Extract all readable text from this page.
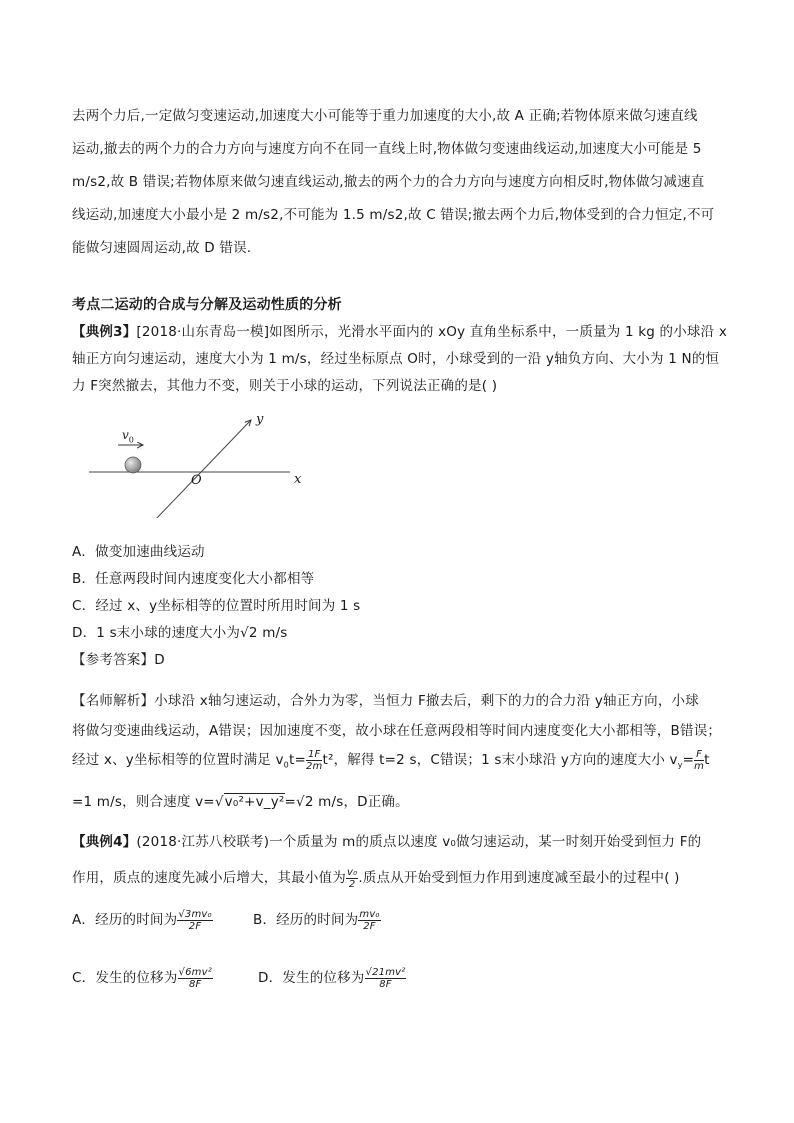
去两个力后,一定做匀变速运动,加速度大小可能等于重力加速度的大小,故 A 正确;若物体原来做匀速直线
运动,撤去的两个力的合力方向与速度方向不在同一直线上时,物体做匀变速曲线运动,加速度大小可能是 5
m/s2,故 B 错误;若物体原来做匀速直线运动,撤去的两个力的合力方向与速度方向相反时,物体做匀减速直
线运动,加速度大小最小是 2 m/s2,不可能为 1.5 m/s2,故 C 错误;撤去两个力后,物体受到的合力恒定,不可
能做匀速圆周运动,故 D 错误.
考点二运动的合成与分解及运动性质的分析
【典例3】[2018·山东青岛一模]如图所示，光滑水平面内的 xOy 直角坐标系中，一质量为 1 kg 的小球沿 x
轴正方向匀速运动，速度大小为 1 m/s，经过坐标原点 O时，小球受到的一沿 y轴负方向、大小为 1 N的恒
力 F突然撤去，其他力不变，则关于小球的运动，下列说法正确的是( )
$v_0$
y
x
O
A．做变加速曲线运动
B．任意两段时间内速度变化大小都相等
C．经过 x、y坐标相等的位置时所用时间为 1 s
D．1 s末小球的速度大小为√2 m/s
【参考答案】D
【名师解析】小球沿 x轴匀速运动，合外力为零，当恒力 F撤去后，剩下的力的合力沿 y轴正方向，小球
将做匀变速曲线运动，A错误；因加速度不变，故小球在任意两段相等时间内速度变化大小都相等，B错误；
经过 x、y坐标相等的位置时满足 $v_0t= \frac{1F}{2m} t^2$，解得 t=2 s，C错误；1 s末小球沿 y方向的速度大小 $v_y= \frac{F}{m}$ t
=1 m/s，则合速度 v=√v₀²+v_y²=√2 m/s，D正确。
【典例4】(2018·江苏八校联考)一个质量为 m的质点以速度 v₀做匀速运动，某一时刻开始受到恒力 F的
作用，质点的速度先减小后增大，其最小值为 $\frac{\text{v₀}}{2}$ .质点从开始受到恒力作用到速度减至最小的过程中( )
A．经历的时间为 $\frac{\text{√3mv₀}}{2F}$	B．经历的时间为 $\frac{\text{mv₀}}{2F}$
C．发生的位移为 $\frac{\text{√6mv²}}{8F}$	D．发生的位移为 $\frac{\text{√21mv²}}{8F}$
